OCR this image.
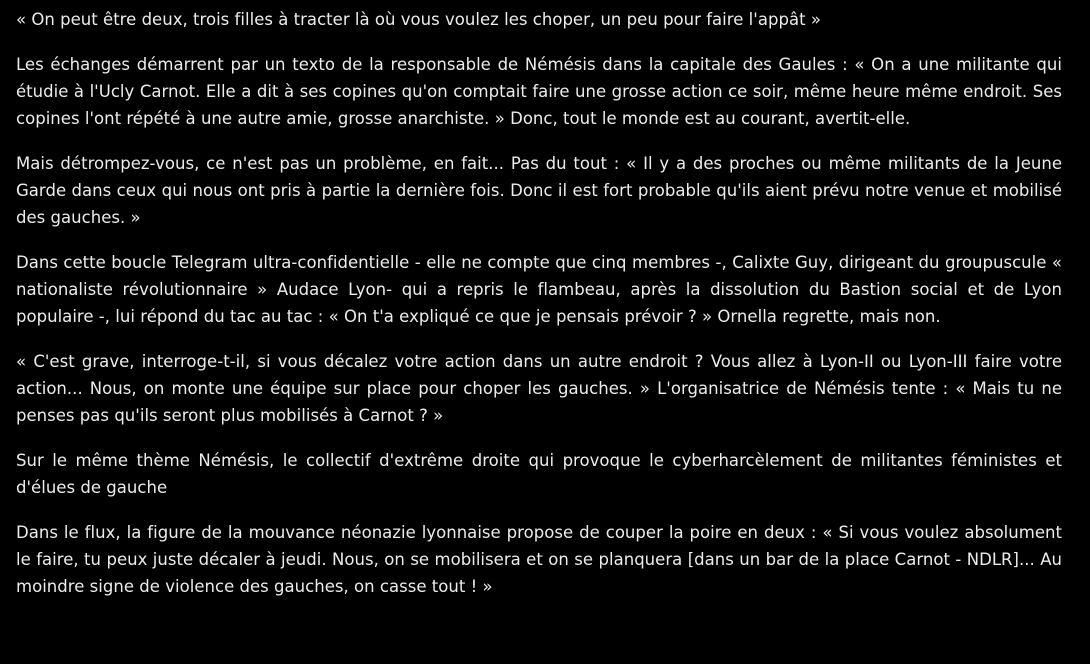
« On peut être deux, trois filles à tracter là où vous voulez les choper, un peu pour faire l'appât »

Les échanges démarrent par un texto de la responsable de Némésis dans la capitale des Gaules : « On a une militante qui étudie à l'Ucly Carnot. Elle a dit à ses copines qu'on comptait faire une grosse action ce soir, même heure même endroit. Ses copines l'ont répété à une autre amie, grosse anarchiste. » Donc, tout le monde est au courant, avertit-elle.

Mais détrompez-vous, ce n'est pas un problème, en fait... Pas du tout : « Il y a des proches ou même militants de la Jeune Garde dans ceux qui nous ont pris à partie la dernière fois. Donc il est fort probable qu'ils aient prévu notre venue et mobilisé des gauches. »

Dans cette boucle Telegram ultra-confidentielle - elle ne compte que cinq membres -, Calixte Guy, dirigeant du groupuscule « nationaliste révolutionnaire » Audace Lyon- qui a repris le flambeau, après la dissolution du Bastion social et de Lyon populaire -, lui répond du tac au tac : « On t'a expliqué ce que je pensais prévoir ? » Ornella regrette, mais non.

« C'est grave, interroge-t-il, si vous décalez votre action dans un autre endroit ? Vous allez à Lyon-II ou Lyon-III faire votre action... Nous, on monte une équipe sur place pour choper les gauches. » L'organisatrice de Némésis tente : « Mais tu ne penses pas qu'ils seront plus mobilisés à Carnot ? »

Sur le même thème Némésis, le collectif d'extrême droite qui provoque le cyberharcèlement de militantes féministes et d'élues de gauche

Dans le flux, la figure de la mouvance néonazie lyonnaise propose de couper la poire en deux : « Si vous voulez absolument le faire, tu peux juste décaler à jeudi. Nous, on se mobilisera et on se planquera [dans un bar de la place Carnot - NDLR]... Au moindre signe de violence des gauches, on casse tout ! »
